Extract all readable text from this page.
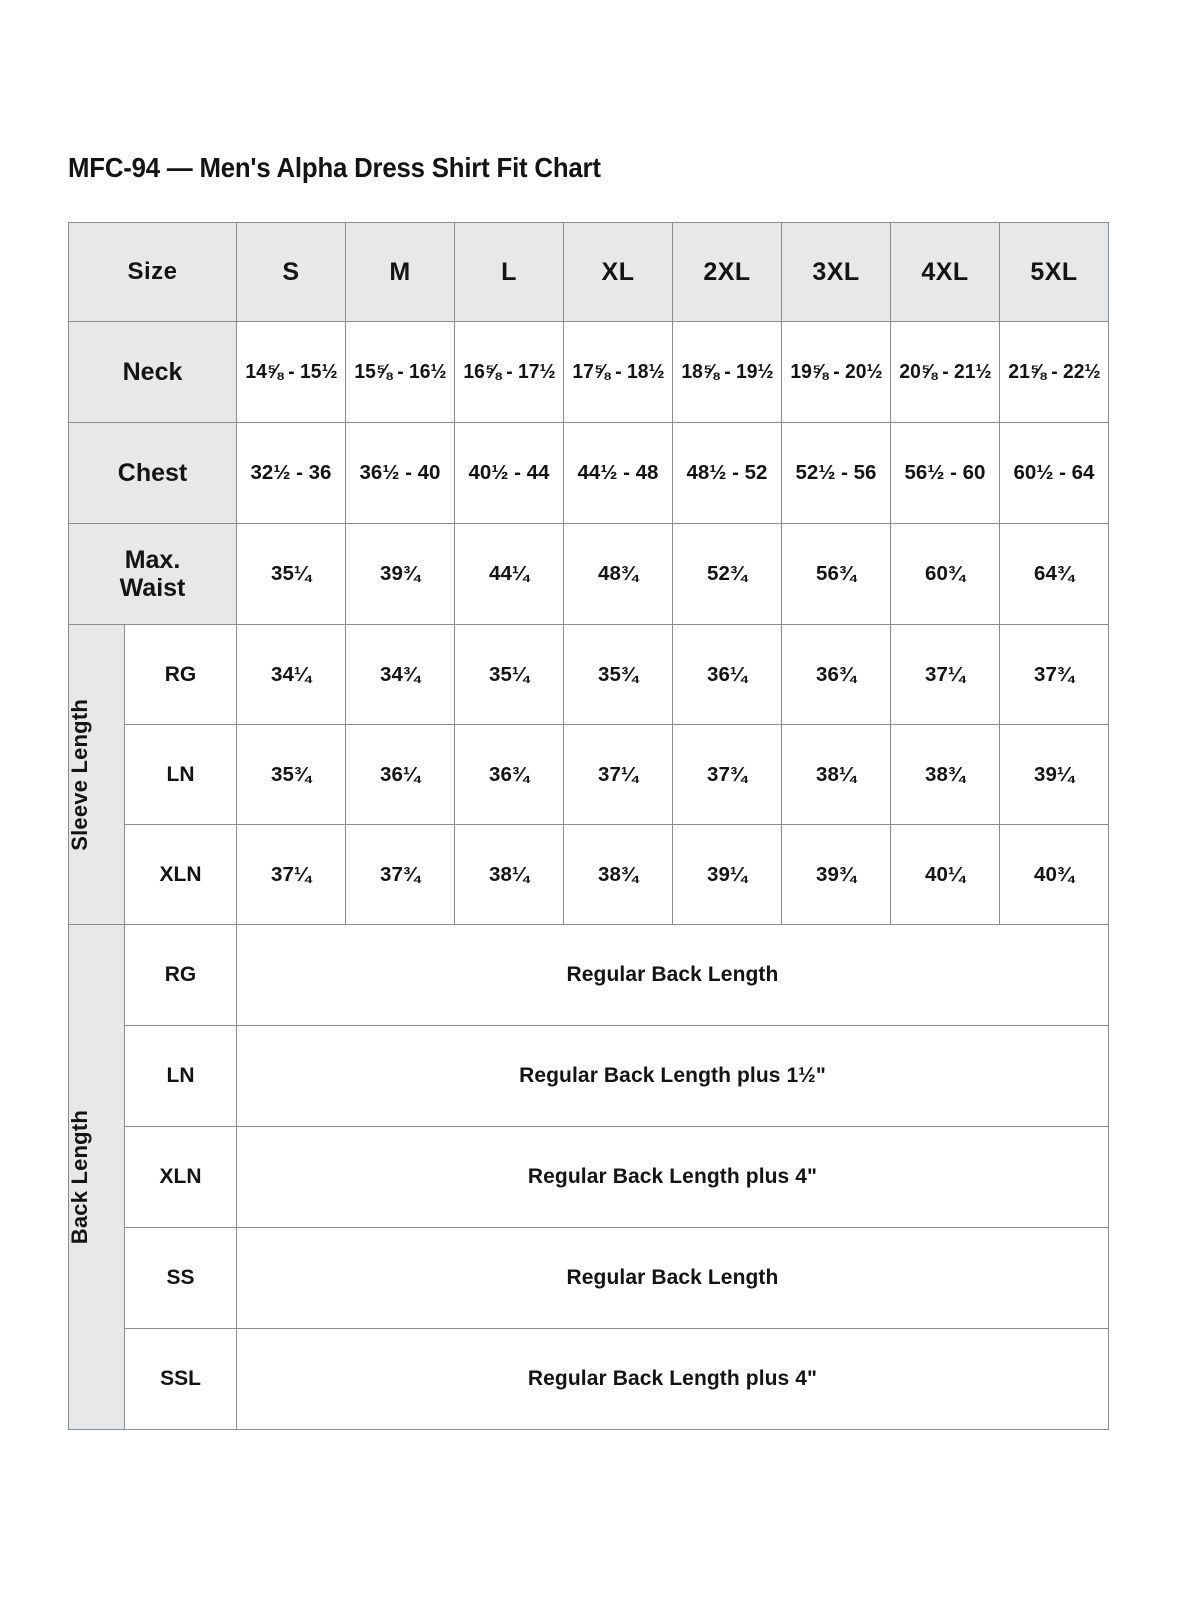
MFC-94 — Men's Alpha Dress Shirt Fit Chart
Size		S	M	L	XL	2XL	3XL	4XL	5XL
Neck		14⅝ - 15½	15⅝ - 16½	16⅝ - 17½	17⅝ - 18½	18⅝ - 19½	19⅝ - 20½	20⅝ - 21½	21⅝ - 22½
Chest		32½ - 36	36½ - 40	40½ - 44	44½ - 48	48½ - 52	52½ - 56	56½ - 60	60½ - 64

Max.
Waist		35¼	39¾	44¼	48¾	52¾	56¾	60¾	64¾

Sleeve Length	RG	34¼	34¾	35¼	35¾	36¼	36¾	37¼	37¾
	LN	35¾	36¼	36¾	37¼	37¾	38¼	38¾	39¼
	XLN	37¼	37¾	38¼	38¾	39¼	39¾	40¼	40¾

Back Length	RG	Regular Back Length							
	LN	Regular Back Length plus 1½"							
	XLN	Regular Back Length plus 4"							
	SS	Regular Back Length							
	SSL	Regular Back Length plus 4"							
